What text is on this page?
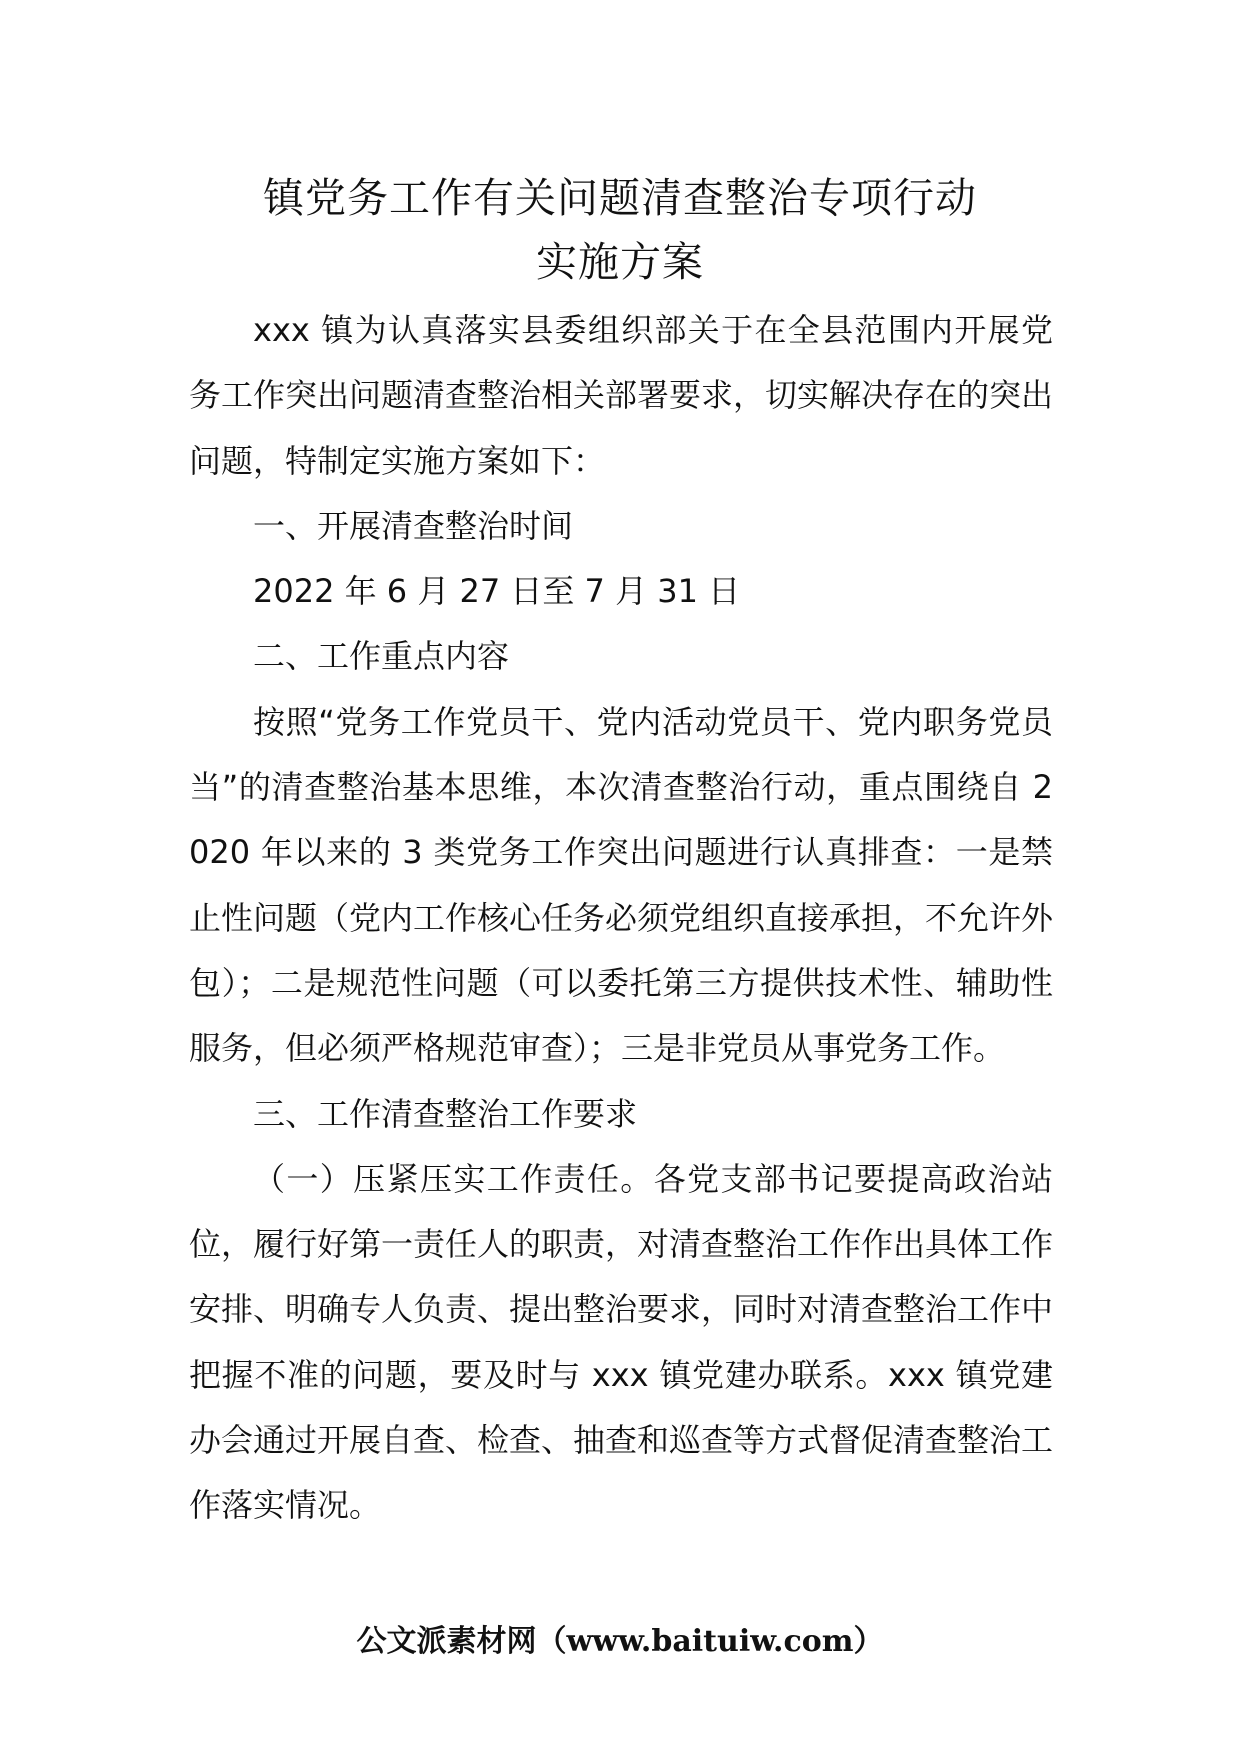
镇党务工作有关问题清查整治专项行动
实施方案

xxx 镇为认真落实县委组织部关于在全县范围内开展党务工作突出问题清查整治相关部署要求，切实解决存在的突出问题，特制定实施方案如下：

一、开展清查整治时间

2022 年 6 月 27 日至 7 月 31 日

二、工作重点内容

按照“党务工作党员干、党内活动党员干、党内职务党员当”的清查整治基本思维，本次清查整治行动，重点围绕自 2020 年以来的 3 类党务工作突出问题进行认真排查：一是禁止性问题（党内工作核心任务必须党组织直接承担，不允许外包）；二是规范性问题（可以委托第三方提供技术性、辅助性服务，但必须严格规范审查）；三是非党员从事党务工作。

三、工作清查整治工作要求

（一）压紧压实工作责任。各党支部书记要提高政治站位，履行好第一责任人的职责，对清查整治工作作出具体工作安排、明确专人负责、提出整治要求，同时对清查整治工作中把握不准的问题，要及时与 xxx 镇党建办联系。xxx 镇党建办会通过开展自查、检查、抽查和巡查等方式督促清查整治工作落实情况。

公文派素材网（www.baituiw.com）
